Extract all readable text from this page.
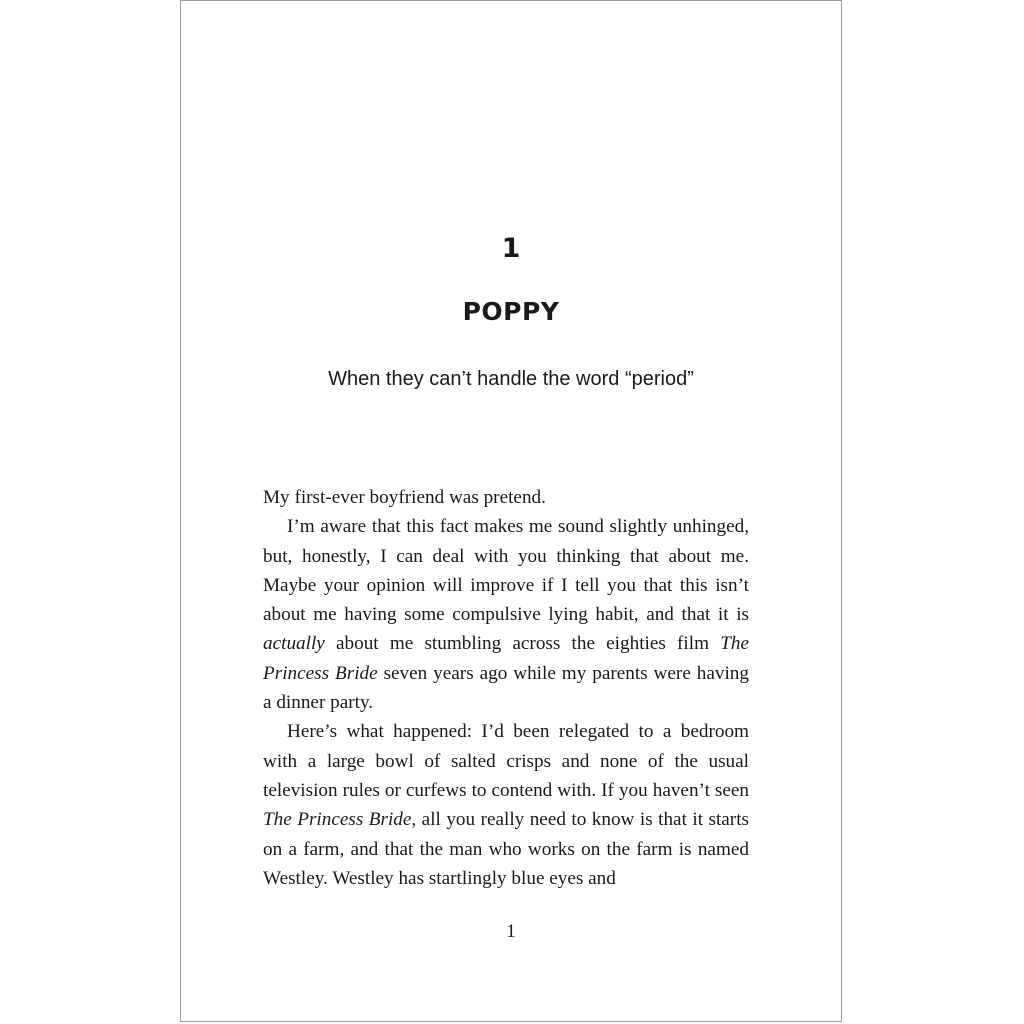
1
POPPY
When they can’t handle the word “period”

My first-ever boyfriend was pretend.

I’m aware that this fact makes me sound slightly unhinged, but, honestly, I can deal with you thinking that about me. Maybe your opinion will improve if I tell you that this isn’t about me having some compulsive lying habit, and that it is actually about me stumbling across the eighties film The Princess Bride seven years ago while my parents were having a dinner party.

Here’s what happened: I’d been relegated to a bedroom with a large bowl of salted crisps and none of the usual television rules or curfews to contend with. If you haven’t seen The Princess Bride, all you really need to know is that it starts on a farm, and that the man who works on the farm is named Westley. Westley has startlingly blue eyes and

1
